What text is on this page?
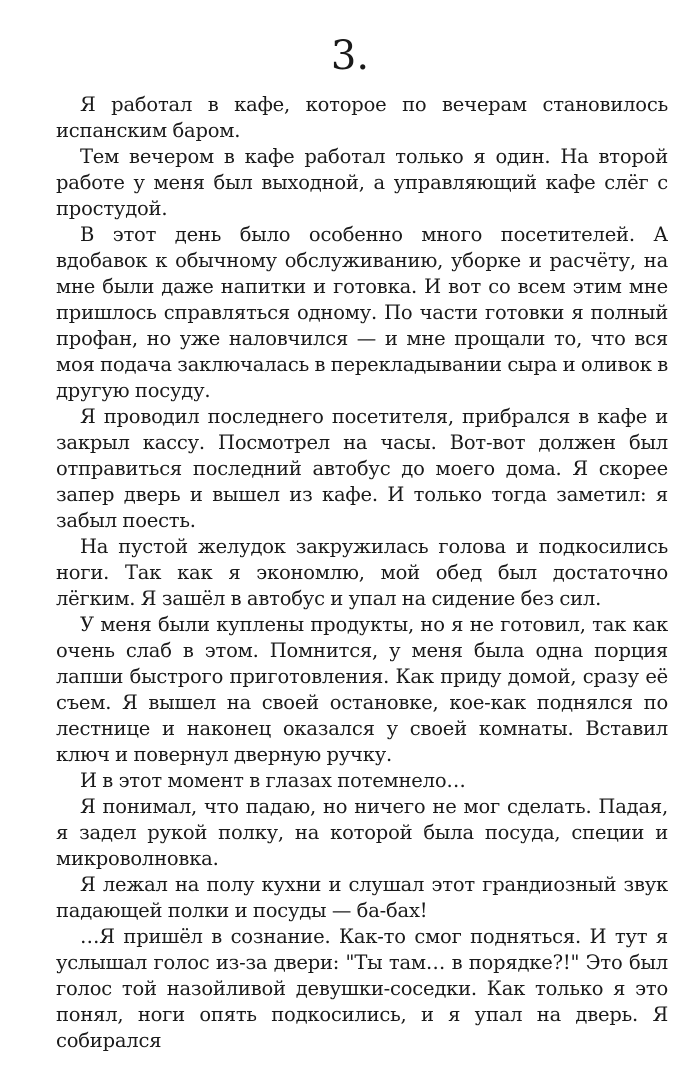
3.

Я работал в кафе, которое по вечерам становилось испанским баром.

Тем вечером в кафе работал только я один. На второй работе у меня был выходной, а управляющий кафе слёг с простудой.

В этот день было особенно много посетителей. А вдобавок к обычному обслуживанию, уборке и расчёту, на мне были даже напитки и готовка. И вот со всем этим мне пришлось справляться одному. По части готовки я полный профан, но уже наловчился — и мне прощали то, что вся моя подача заключалась в перекладывании сыра и оливок в другую посуду.

Я проводил последнего посетителя, прибрался в кафе и закрыл кассу. Посмотрел на часы. Вот-вот должен был отправиться последний автобус до моего дома. Я скорее запер дверь и вышел из кафе. И только тогда заметил: я забыл поесть.

На пустой желудок закружилась голова и подкосились ноги. Так как я экономлю, мой обед был достаточно лёгким. Я зашёл в автобус и упал на сидение без сил.

У меня были куплены продукты, но я не готовил, так как очень слаб в этом. Помнится, у меня была одна порция лапши быстрого приготовления. Как приду домой, сразу её съем. Я вышел на своей остановке, кое-как поднялся по лестнице и наконец оказался у своей комнаты. Вставил ключ и повернул дверную ручку.

И в этот момент в глазах потемнело…

Я понимал, что падаю, но ничего не мог сделать. Падая, я задел рукой полку, на которой была посуда, специи и микроволновка.

Я лежал на полу кухни и слушал этот грандиозный звук падающей полки и посуды — ба-бах!

…Я пришёл в сознание. Как-то смог подняться. И тут я услышал голос из-за двери: "Ты там… в порядке?!" Это был голос той назойливой девушки-соседки. Как только я это понял, ноги опять подкосились, и я упал на дверь. Я собирался
